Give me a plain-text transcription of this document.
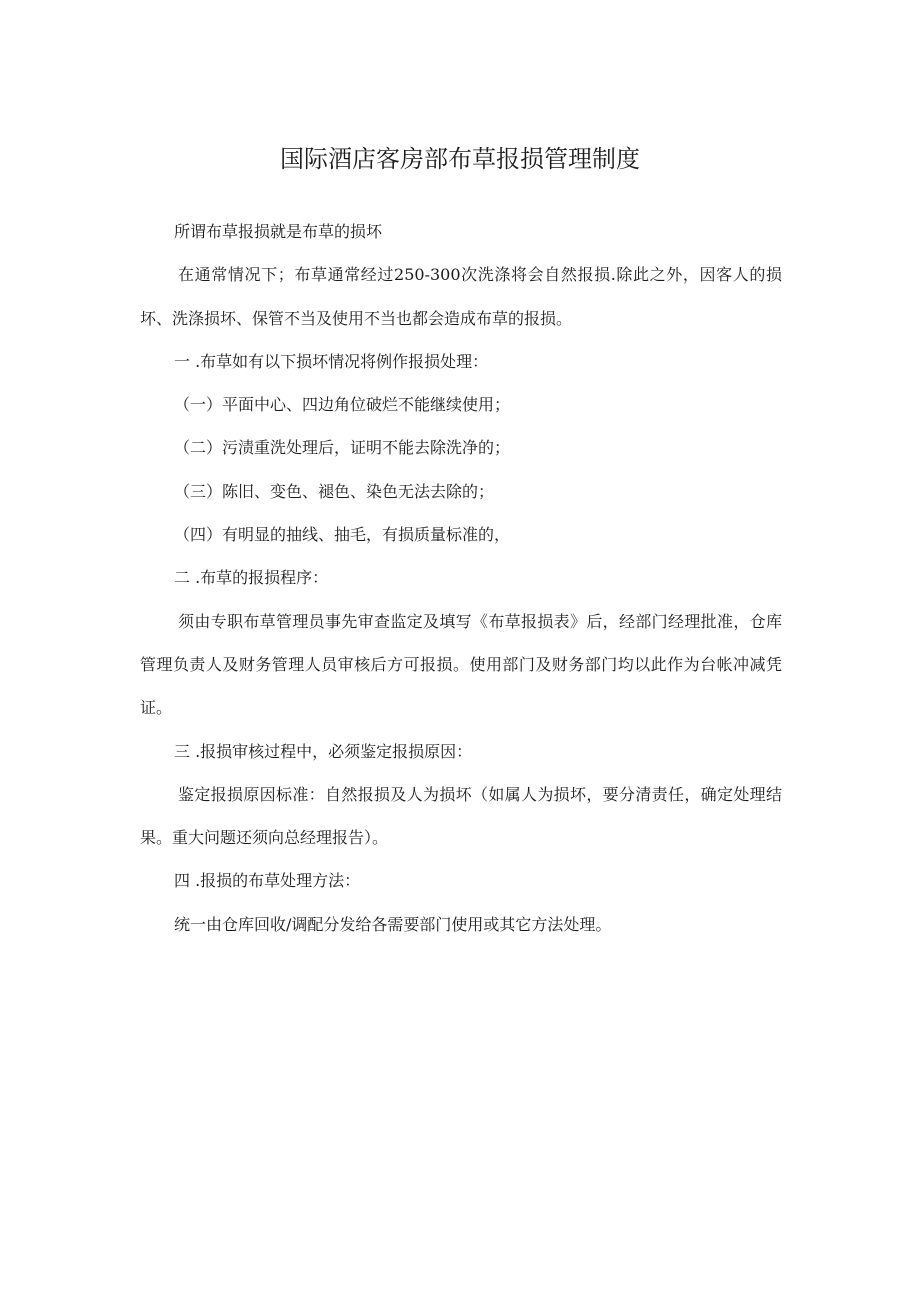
国际酒店客房部布草报损管理制度

所谓布草报损就是布草的损坏

在通常情况下；布草通常经过250-300次洗涤将会自然报损.除此之外，因客人的损坏、洗涤损坏、保管不当及使用不当也都会造成布草的报损。

一 .布草如有以下损坏情况将例作报损处理：

（一）平面中心、四边角位破烂不能继续使用；

（二）污渍重洗处理后，证明不能去除洗净的；

（三）陈旧、变色、褪色、染色无法去除的；

（四）有明显的抽线、抽毛，有损质量标准的，

二 .布草的报损程序：

须由专职布草管理员事先审查监定及填写《布草报损表》后，经部门经理批准，仓库管理负责人及财务管理人员审核后方可报损。使用部门及财务部门均以此作为台帐冲减凭证。

三 .报损审核过程中，必须鉴定报损原因：

鉴定报损原因标准：自然报损及人为损坏（如属人为损坏，要分清责任，确定处理结果。重大问题还须向总经理报告）。

四 .报损的布草处理方法：

统一由仓库回收/调配分发给各需要部门使用或其它方法处理。
